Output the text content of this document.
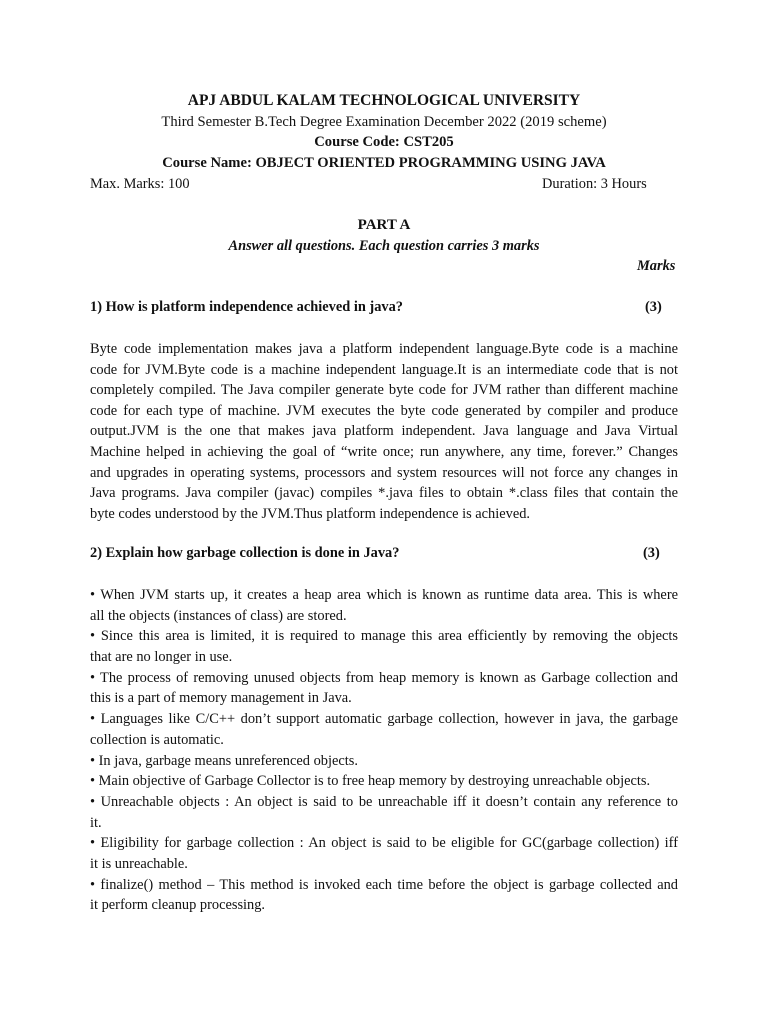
APJ ABDUL KALAM TECHNOLOGICAL UNIVERSITY
Third Semester B.Tech Degree Examination December 2022 (2019 scheme)
Course Code: CST205
Course Name: OBJECT ORIENTED PROGRAMMING USING JAVA
Max. Marks: 100	Duration: 3 Hours
PART A
Answer all questions. Each question carries 3 marks
Marks
1) How is platform independence achieved in java?	(3)
Byte code implementation makes java a platform independent language.Byte code is a machine
code for JVM.Byte code is a machine independent language.It is an intermediate code that is not
completely compiled. The Java compiler generate byte code for JVM rather than different machine
code for each type of machine. JVM executes the byte code generated by compiler and produce
output.JVM is the one that makes java platform independent. Java language and Java Virtual
Machine helped in achieving the goal of “write once; run anywhere, any time, forever.” Changes
and upgrades in operating systems, processors and system resources will not force any changes in
Java programs. Java compiler (javac) compiles *.java files to obtain *.class files that contain the
byte codes understood by the JVM.Thus platform independence is achieved.
2) Explain how garbage collection is done in Java?	(3)
• When JVM starts up, it creates a heap area which is known as runtime data area. This is where
all the objects (instances of class) are stored.
• Since this area is limited, it is required to manage this area efficiently by removing the objects
that are no longer in use.
• The process of removing unused objects from heap memory is known as Garbage collection and
this is a part of memory management in Java.
• Languages like C/C++ don’t support automatic garbage collection, however in java, the garbage
collection is automatic.
• In java, garbage means unreferenced objects.
• Main objective of Garbage Collector is to free heap memory by destroying unreachable objects.
• Unreachable objects : An object is said to be unreachable iff it doesn’t contain any reference to
it.
• Eligibility for garbage collection : An object is said to be eligible for GC(garbage collection) iff
it is unreachable.
• finalize() method – This method is invoked each time before the object is garbage collected and
it perform cleanup processing.
